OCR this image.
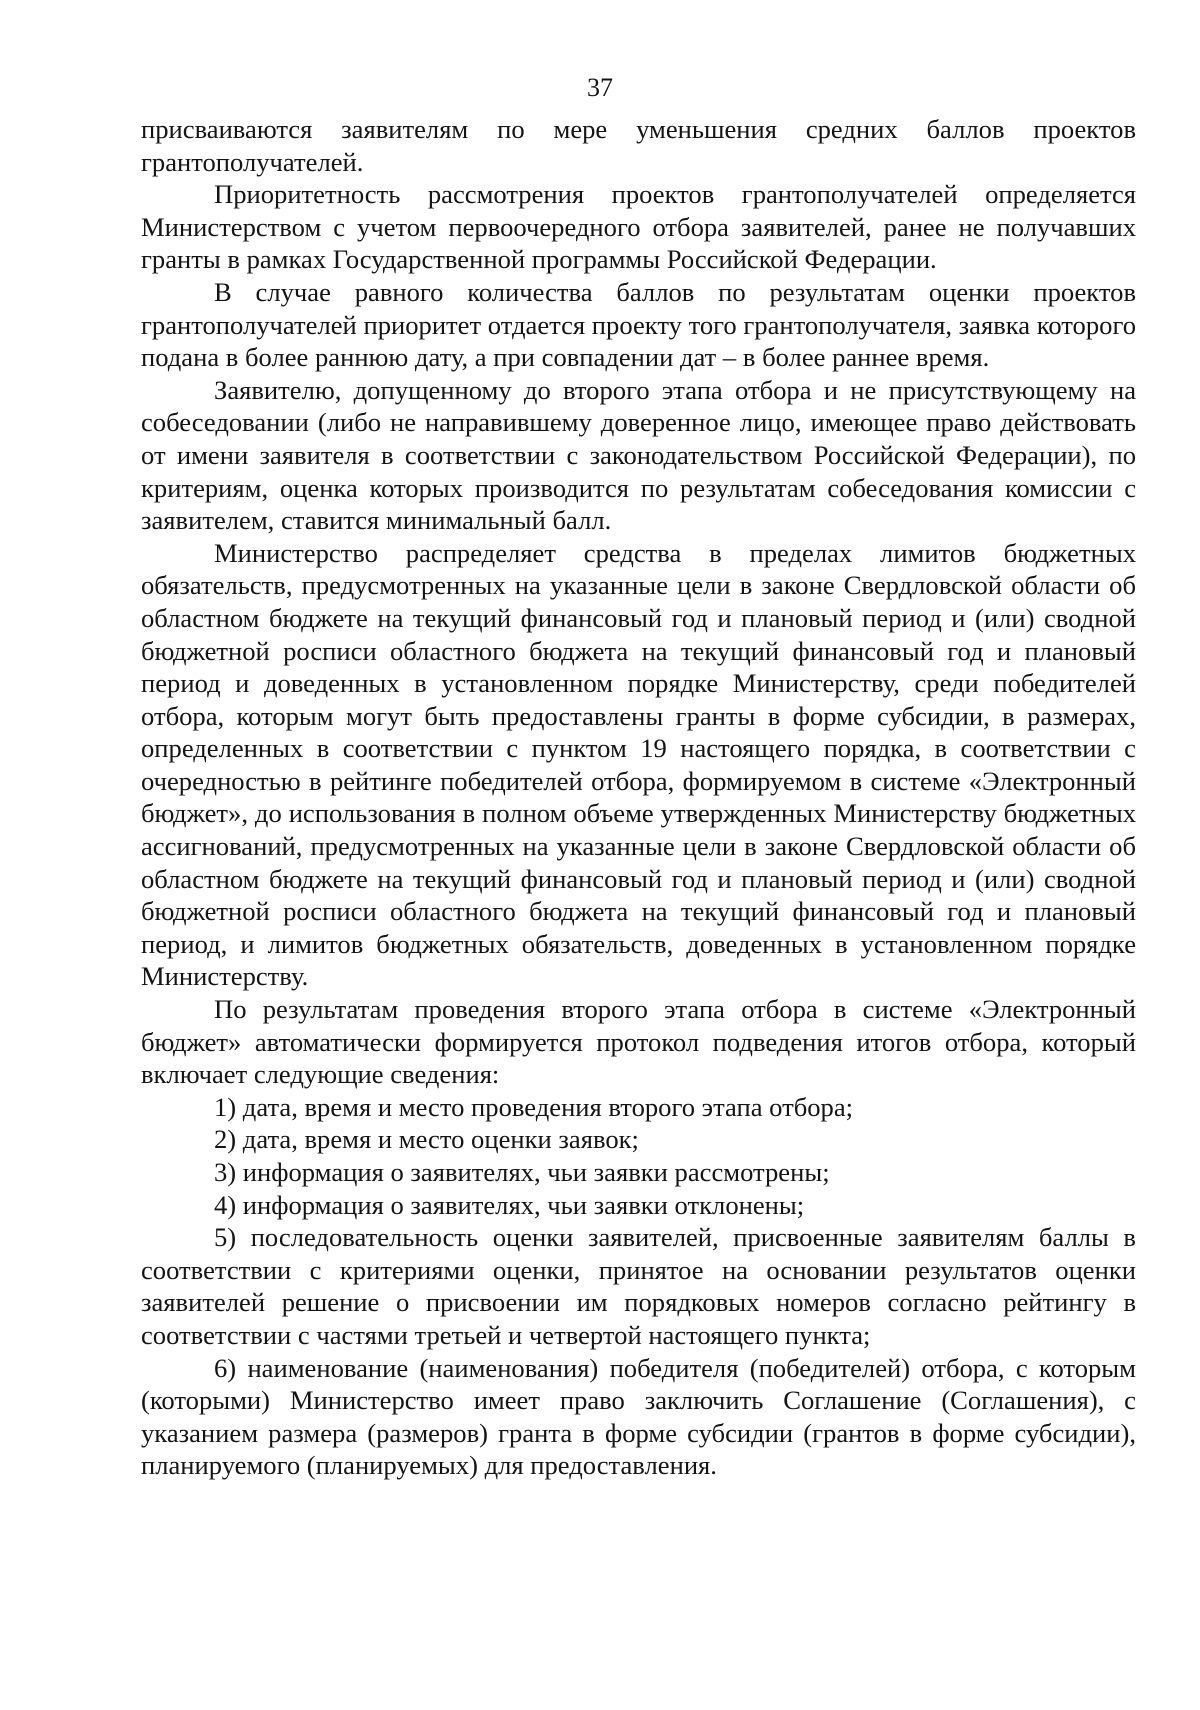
37

присваиваются заявителям по мере уменьшения средних баллов проектов грантополучателей.

Приоритетность рассмотрения проектов грантополучателей определяется Министерством с учетом первоочередного отбора заявителей, ранее не получавших гранты в рамках Государственной программы Российской Федерации.

В случае равного количества баллов по результатам оценки проектов грантополучателей приоритет отдается проекту того грантополучателя, заявка которого подана в более раннюю дату, а при совпадении дат – в более раннее время.

Заявителю, допущенному до второго этапа отбора и не присутствующему на собеседовании (либо не направившему доверенное лицо, имеющее право действовать от имени заявителя в соответствии с законодательством Российской Федерации), по критериям, оценка которых производится по результатам собеседования комиссии с заявителем, ставится минимальный балл.

Министерство распределяет средства в пределах лимитов бюджетных обязательств, предусмотренных на указанные цели в законе Свердловской области об областном бюджете на текущий финансовый год и плановый период и (или) сводной бюджетной росписи областного бюджета на текущий финансовый год и плановый период и доведенных в установленном порядке Министерству, среди победителей отбора, которым могут быть предоставлены гранты в форме субсидии, в размерах, определенных в соответствии с пунктом 19 настоящего порядка, в соответствии с очередностью в рейтинге победителей отбора, формируемом в системе «Электронный бюджет», до использования в полном объеме утвержденных Министерству бюджетных ассигнований, предусмотренных на указанные цели в законе Свердловской области об областном бюджете на текущий финансовый год и плановый период и (или) сводной бюджетной росписи областного бюджета на текущий финансовый год и плановый период, и лимитов бюджетных обязательств, доведенных в установленном порядке Министерству.

По результатам проведения второго этапа отбора в системе «Электронный бюджет» автоматически формируется протокол подведения итогов отбора, который включает следующие сведения:

1) дата, время и место проведения второго этапа отбора;

2) дата, время и место оценки заявок;

3) информация о заявителях, чьи заявки рассмотрены;

4) информация о заявителях, чьи заявки отклонены;

5) последовательность оценки заявителей, присвоенные заявителям баллы в соответствии с критериями оценки, принятое на основании результатов оценки заявителей решение о присвоении им порядковых номеров согласно рейтингу в соответствии с частями третьей и четвертой настоящего пункта;

6) наименование (наименования) победителя (победителей) отбора, с которым (которыми) Министерство имеет право заключить Соглашение (Соглашения), с указанием размера (размеров) гранта в форме субсидии (грантов в форме субсидии), планируемого (планируемых) для предоставления.
